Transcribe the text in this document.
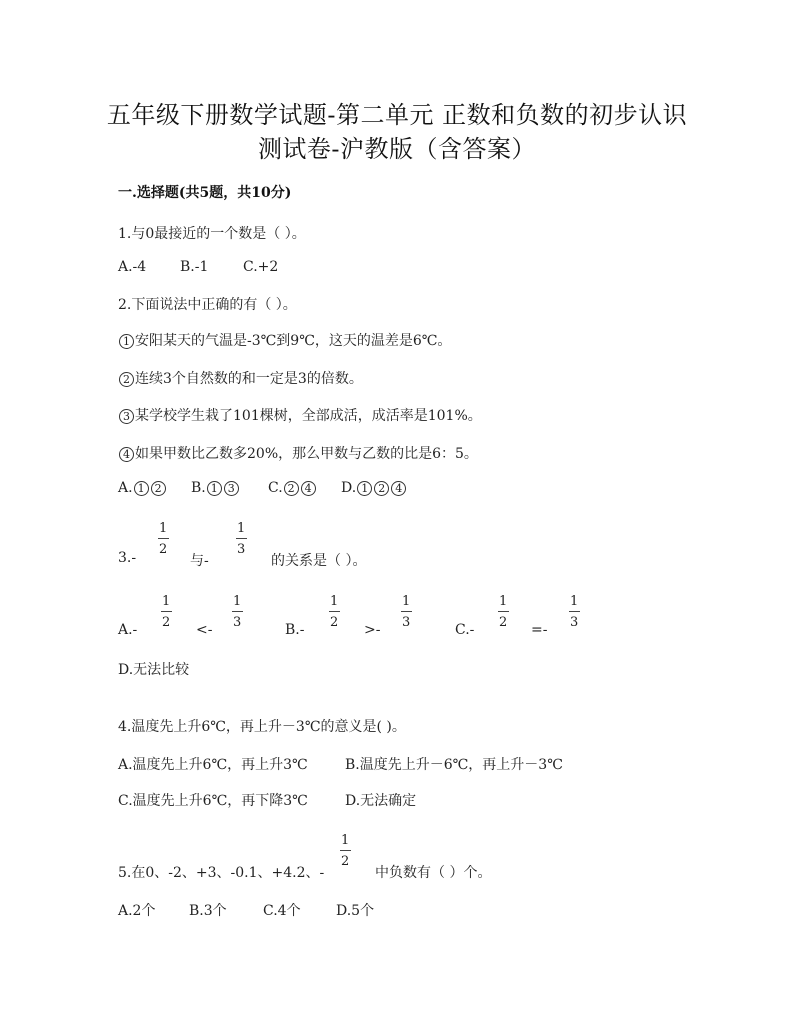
五年级下册数学试题-第二单元 正数和负数的初步认识
测试卷-沪教版（含答案）
一.选择题(共5题，共10分)
1.与0最接近的一个数是（ ）。
A.-4 B.-1 C.+2
2.下面说法中正确的有（ ）。
1 安阳某天的气温是-3℃到9℃，这天的温差是6℃。
2 连续3个自然数的和一定是3的倍数。
3 某学校学生栽了101棵树，全部成活，成活率是101%。
4 如果甲数比乙数多20%，那么甲数与乙数的比是6：5。
A. 1 2	B. 1 3	C. 2 4	D. 1 2 4
3.-
1
2
与-
1
3
的关系是（ ）。
A.-
1
2 <-
1
3	B.-
1
2 >-
1
3	C.-
1
2 =-
1
3
D.无法比较
4.温度先上升6℃，再上升－3℃的意义是( )。
A.温度先上升6℃，再上升3℃	B.温度先上升－6℃，再上升－3℃
C.温度先上升6℃，再下降3℃	D.无法确定
5.在0、-2、+3、-0.1、+4.2、-
1
2
中负数有（ ）个。
A.2个 B.3个	C.4个	D.5个
